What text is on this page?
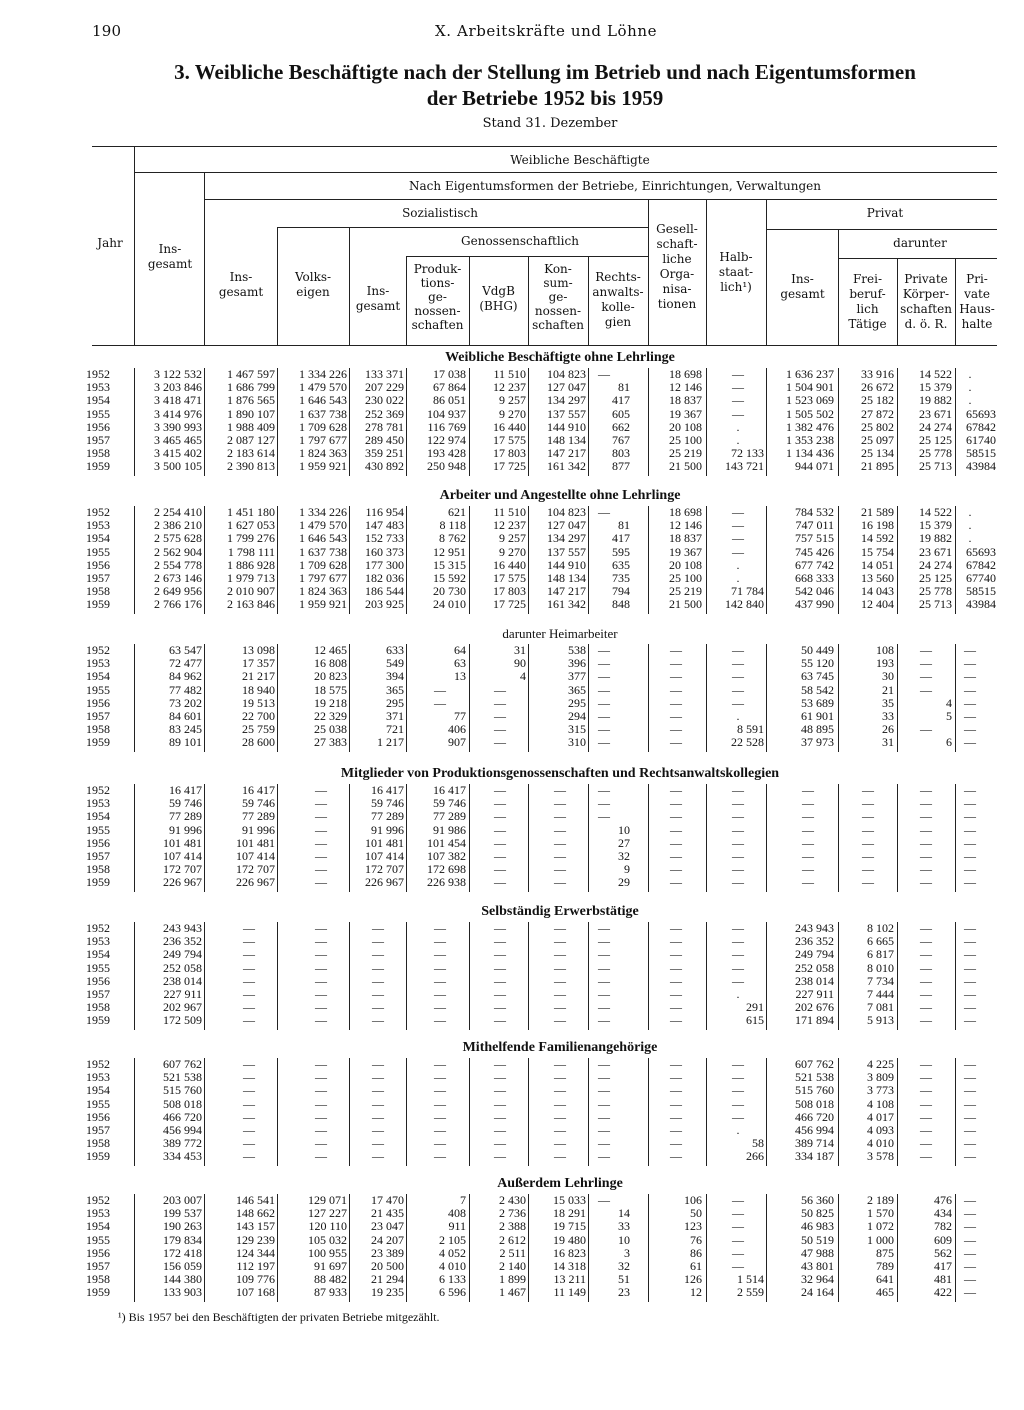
190	X. Arbeitskräfte und Löhne
3. Weibliche Beschäftigte nach der Stellung im Betrieb und nach Eigentumsformen
der Betriebe 1952 bis 1959
Stand 31. Dezember
Jahr
Weibliche Beschäftigte
Ins-
gesamt
Nach Eigentumsformen der Betriebe, Einrichtungen, Verwaltungen
Sozialistisch
Ins-
gesamt
Volks-
eigen
Genossenschaftlich
Ins-
gesamt
Produk-
tions-
ge-
nossen-
schaften
VdgB
(BHG)
Kon-
sum-
ge-
nossen-
schaften
Rechts-
anwalts-
kolle-
gien
Gesell-
schaft-
liche
Orga-
nisa-
tionen
Halb-
staat-
lich¹)
Privat
darunter
Ins-
gesamt
Frei-
beruf-
lich
Tätige
Private
Körper-
schaften
d. ö. R.
Pri-
vate
Haus-
halte
Weibliche Beschäftigte ohne Lehrlinge
1952	3 122 532	1 467 597	1 334 226	133 371	17 038	11 510	104 823	—	18 698	—	1 636 237	33 916	14 522	.
1953	3 203 846	1 686 799	1 479 570	207 229	67 864	12 237	127 047	81	12 146	—	1 504 901	26 672	15 379	.
1954	3 418 471	1 876 565	1 646 543	230 022	86 051	9 257	134 297	417	18 837	—	1 523 069	25 182	19 882	.
1955	3 414 976	1 890 107	1 637 738	252 369	104 937	9 270	137 557	605	19 367	—	1 505 502	27 872	23 671	65693
1956	3 390 993	1 988 409	1 709 628	278 781	116 769	16 440	144 910	662	20 108	.	1 382 476	25 802	24 274	67842
1957	3 465 465	2 087 127	1 797 677	289 450	122 974	17 575	148 134	767	25 100	.	1 353 238	25 097	25 125	61740
1958	3 415 402	2 183 614	1 824 363	359 251	193 428	17 803	147 217	803	25 219	72 133	1 134 436	25 134	25 778	58515
1959	3 500 105	2 390 813	1 959 921	430 892	250 948	17 725	161 342	877	21 500	143 721	944 071	21 895	25 713	43984
Arbeiter und Angestellte ohne Lehrlinge
1952	2 254 410	1 451 180	1 334 226	116 954	621	11 510	104 823	—	18 698	—	784 532	21 589	14 522	.
1953	2 386 210	1 627 053	1 479 570	147 483	8 118	12 237	127 047	81	12 146	—	747 011	16 198	15 379	.
1954	2 575 628	1 799 276	1 646 543	152 733	8 762	9 257	134 297	417	18 837	—	757 515	14 592	19 882	.
1955	2 562 904	1 798 111	1 637 738	160 373	12 951	9 270	137 557	595	19 367	—	745 426	15 754	23 671	65693
1956	2 554 778	1 886 928	1 709 628	177 300	15 315	16 440	144 910	635	20 108	.	677 742	14 051	24 274	67842
1957	2 673 146	1 979 713	1 797 677	182 036	15 592	17 575	148 134	735	25 100	.	668 333	13 560	25 125	67740
1958	2 649 956	2 010 907	1 824 363	186 544	20 730	17 803	147 217	794	25 219	71 784	542 046	14 043	25 778	58515
1959	2 766 176	2 163 846	1 959 921	203 925	24 010	17 725	161 342	848	21 500	142 840	437 990	12 404	25 713	43984
darunter Heimarbeiter
1952	63 547	13 098	12 465	633	64	31	538	—	—	—	50 449	108	—	—
1953	72 477	17 357	16 808	549	63	90	396	—	—	—	55 120	193	—	—
1954	84 962	21 217	20 823	394	13	4	377	—	—	—	63 745	30	—	—
1955	77 482	18 940	18 575	365	—	—	365	—	—	—	58 542	21	—	—
1956	73 202	19 513	19 218	295	—	—	295	—	—	—	53 689	35	4	—
1957	84 601	22 700	22 329	371	77	—	294	—	—	.	61 901	33	5	—
1958	83 245	25 759	25 038	721	406	—	315	—	—	8 591	48 895	26	—	—
1959	89 101	28 600	27 383	1 217	907	—	310	—	—	22 528	37 973	31	6	—
Mitglieder von Produktionsgenossenschaften und Rechtsanwaltskollegien
1952	16 417	16 417	—	16 417	16 417	—	—	—	—	—	—	—	—	—
1953	59 746	59 746	—	59 746	59 746	—	—	—	—	—	—	—	—	—
1954	77 289	77 289	—	77 289	77 289	—	—	—	—	—	—	—	—	—
1955	91 996	91 996	—	91 996	91 986	—	—	10	—	—	—	—	—	—
1956	101 481	101 481	—	101 481	101 454	—	—	27	—	—	—	—	—	—
1957	107 414	107 414	—	107 414	107 382	—	—	32	—	—	—	—	—	—
1958	172 707	172 707	—	172 707	172 698	—	—	9	—	—	—	—	—	—
1959	226 967	226 967	—	226 967	226 938	—	—	29	—	—	—	—	—	—
Selbständig Erwerbstätige
1952	243 943	—	—	—	—	—	—	—	—	—	243 943	8 102	—	—
1953	236 352	—	—	—	—	—	—	—	—	—	236 352	6 665	—	—
1954	249 794	—	—	—	—	—	—	—	—	—	249 794	6 817	—	—
1955	252 058	—	—	—	—	—	—	—	—	—	252 058	8 010	—	—
1956	238 014	—	—	—	—	—	—	—	—	—	238 014	7 734	—	—
1957	227 911	—	—	—	—	—	—	—	—	.	227 911	7 444	—	—
1958	202 967	—	—	—	—	—	—	—	—	291	202 676	7 081	—	—
1959	172 509	—	—	—	—	—	—	—	—	615	171 894	5 913	—	—
Mithelfende Familienangehörige
1952	607 762	—	—	—	—	—	—	—	—	—	607 762	4 225	—	—
1953	521 538	—	—	—	—	—	—	—	—	—	521 538	3 809	—	—
1954	515 760	—	—	—	—	—	—	—	—	—	515 760	3 773	—	—
1955	508 018	—	—	—	—	—	—	—	—	—	508 018	4 108	—	—
1956	466 720	—	—	—	—	—	—	—	—	—	466 720	4 017	—	—
1957	456 994	—	—	—	—	—	—	—	—	.	456 994	4 093	—	—
1958	389 772	—	—	—	—	—	—	—	—	58	389 714	4 010	—	—
1959	334 453	—	—	—	—	—	—	—	—	266	334 187	3 578	—	—
Außerdem Lehrlinge
1952	203 007	146 541	129 071	17 470	7	2 430	15 033	—	106	—	56 360	2 189	476	—
1953	199 537	148 662	127 227	21 435	408	2 736	18 291	14	50	—	50 825	1 570	434	—
1954	190 263	143 157	120 110	23 047	911	2 388	19 715	33	123	—	46 983	1 072	782	—
1955	179 834	129 239	105 032	24 207	2 105	2 612	19 480	10	76	—	50 519	1 000	609	—
1956	172 418	124 344	100 955	23 389	4 052	2 511	16 823	3	86	—	47 988	875	562	—
1957	156 059	112 197	91 697	20 500	4 010	2 140	14 318	32	61	—	43 801	789	417	—
1958	144 380	109 776	88 482	21 294	6 133	1 899	13 211	51	126	1 514	32 964	641	481	—
1959	133 903	107 168	87 933	19 235	6 596	1 467	11 149	23	12	2 559	24 164	465	422	—
¹) Bis 1957 bei den Beschäftigten der privaten Betriebe mitgezählt.
